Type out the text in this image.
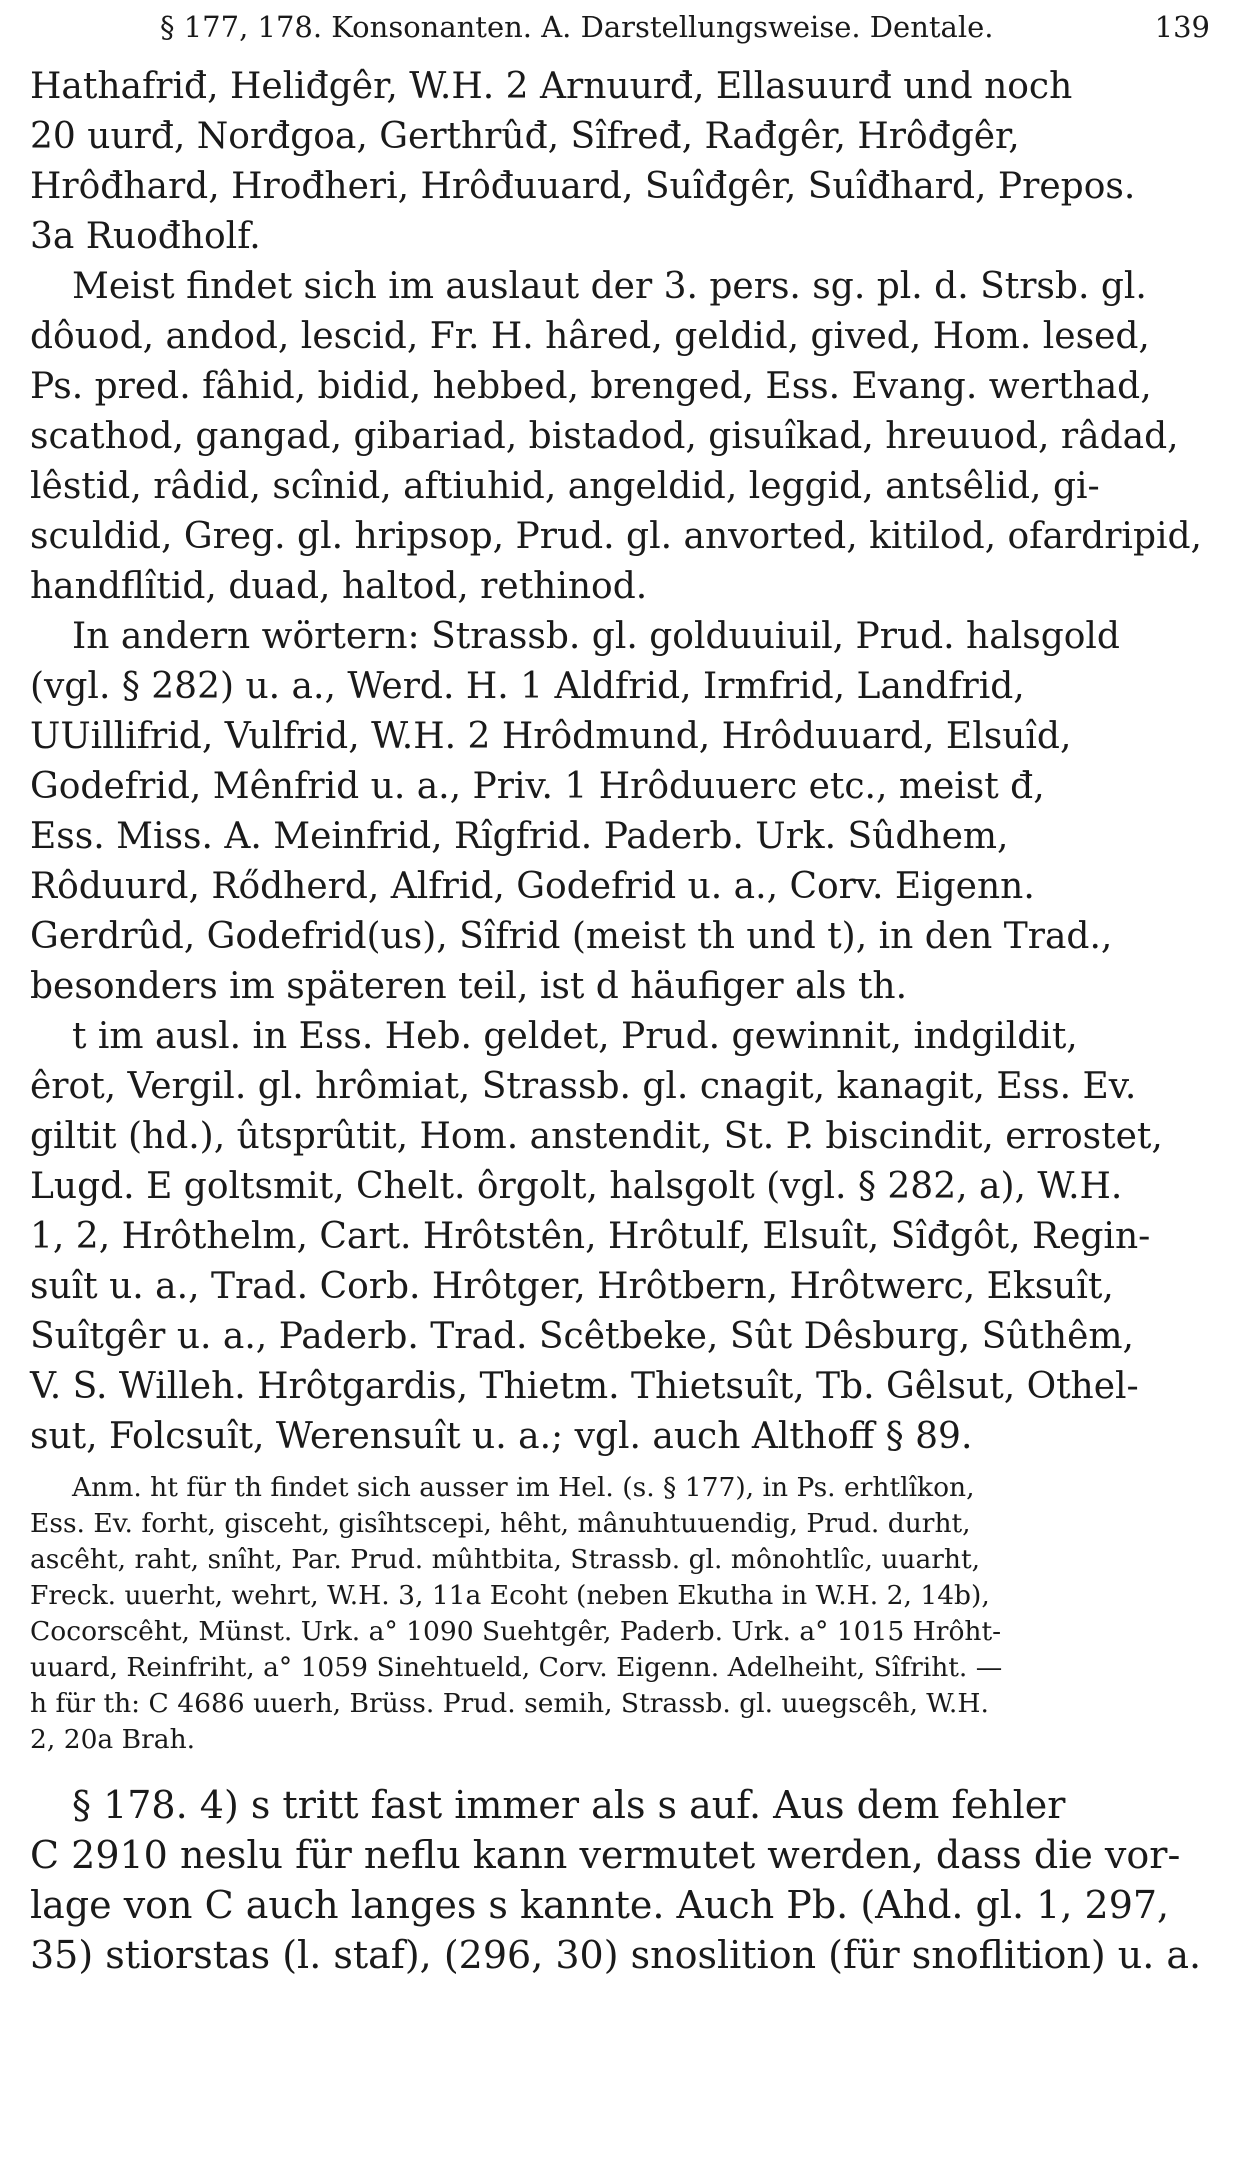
§ 177, 178. Konsonanten. A. Darstellungsweise. Dentale.	139
Hathafriđ, Heliđgêr, W.H. 2 Arnuurđ, Ellasuurđ und noch
20 uurđ, Norđgoa, Gerthrûđ, Sîfređ, Rađgêr, Hrôđgêr,
Hrôđhard, Hrođheri, Hrôđuuard, Suîđgêr, Suîđhard, Prepos.
3a Ruođholf.
Meist findet sich im auslaut der 3. pers. sg. pl. d. Strsb. gl.
dôuod, andod, lescid, Fr. H. hâred, geldid, gived, Hom. lesed,
Ps. pred. fâhid, bidid, hebbed, brenged, Ess. Evang. werthad,
scathod, gangad, gibariad, bistadod, gisuîkad, hreuuod, râdad,
lêstid, râdid, scînid, aftiuhid, angeldid, leggid, antsêlid, gi-
sculdid, Greg. gl. hripsop, Prud. gl. anvorted, kitilod, ofardripid,
handflîtid, duad, haltod, rethinod.
In andern wörtern: Strassb. gl. golduuiuil, Prud. halsgold
(vgl. § 282) u. a., Werd. H. 1 Aldfrid, Irmfrid, Landfrid,
UUillifrid, Vulfrid, W.H. 2 Hrôdmund, Hrôduuard, Elsuîd,
Godefrid, Mênfrid u. a., Priv. 1 Hrôduuerc etc., meist đ,
Ess. Miss. A. Meinfrid, Rîgfrid. Paderb. Urk. Sûdhem,
Rôduurd, Rődherd, Alfrid, Godefrid u. a., Corv. Eigenn.
Gerdrûd, Godefrid(us), Sîfrid (meist th und t), in den Trad.,
besonders im späteren teil, ist d häufiger als th.
t im ausl. in Ess. Heb. geldet, Prud. gewinnit, indgildit,
êrot, Vergil. gl. hrômiat, Strassb. gl. cnagit, kanagit, Ess. Ev.
giltit (hd.), ûtsprûtit, Hom. anstendit, St. P. biscindit, errostet,
Lugd. E goltsmit, Chelt. ôrgolt, halsgolt (vgl. § 282, a), W.H.
1, 2, Hrôthelm, Cart. Hrôtstên, Hrôtulf, Elsuît, Sîđgôt, Regin-
suît u. a., Trad. Corb. Hrôtger, Hrôtbern, Hrôtwerc, Eksuît,
Suîtgêr u. a., Paderb. Trad. Scêtbeke, Sût Dêsburg, Sûthêm,
V. S. Willeh. Hrôtgardis, Thietm. Thietsuît, Tb. Gêlsut, Othel-
sut, Folcsuît, Werensuît u. a.; vgl. auch Althoff § 89.
Anm. ht für th findet sich ausser im Hel. (s. § 177), in Ps. erhtlîkon,
Ess. Ev. forht, gisceht, gisîhtscepi, hêht, mânuhtuuendig, Prud. durht,
ascêht, raht, snîht, Par. Prud. mûhtbita, Strassb. gl. mônohtlîc, uuarht,
Freck. uuerht, wehrt, W.H. 3, 11a Ecoht (neben Ekutha in W.H. 2, 14b),
Cocorscêht, Münst. Urk. a° 1090 Suehtgêr, Paderb. Urk. a° 1015 Hrôht-
uuard, Reinfriht, a° 1059 Sinehtueld, Corv. Eigenn. Adelheiht, Sîfriht. —
h für th: C 4686 uuerh, Brüss. Prud. semih, Strassb. gl. uuegscêh, W.H.
2, 20a Brah.
§ 178. 4) s tritt fast immer als s auf. Aus dem fehler
C 2910 neslu für neflu kann vermutet werden, dass die vor-
lage von C auch langes s kannte. Auch Pb. (Ahd. gl. 1, 297,
35) stiorstas (l. staf), (296, 30) snoslition (für snoflition) u. a.
